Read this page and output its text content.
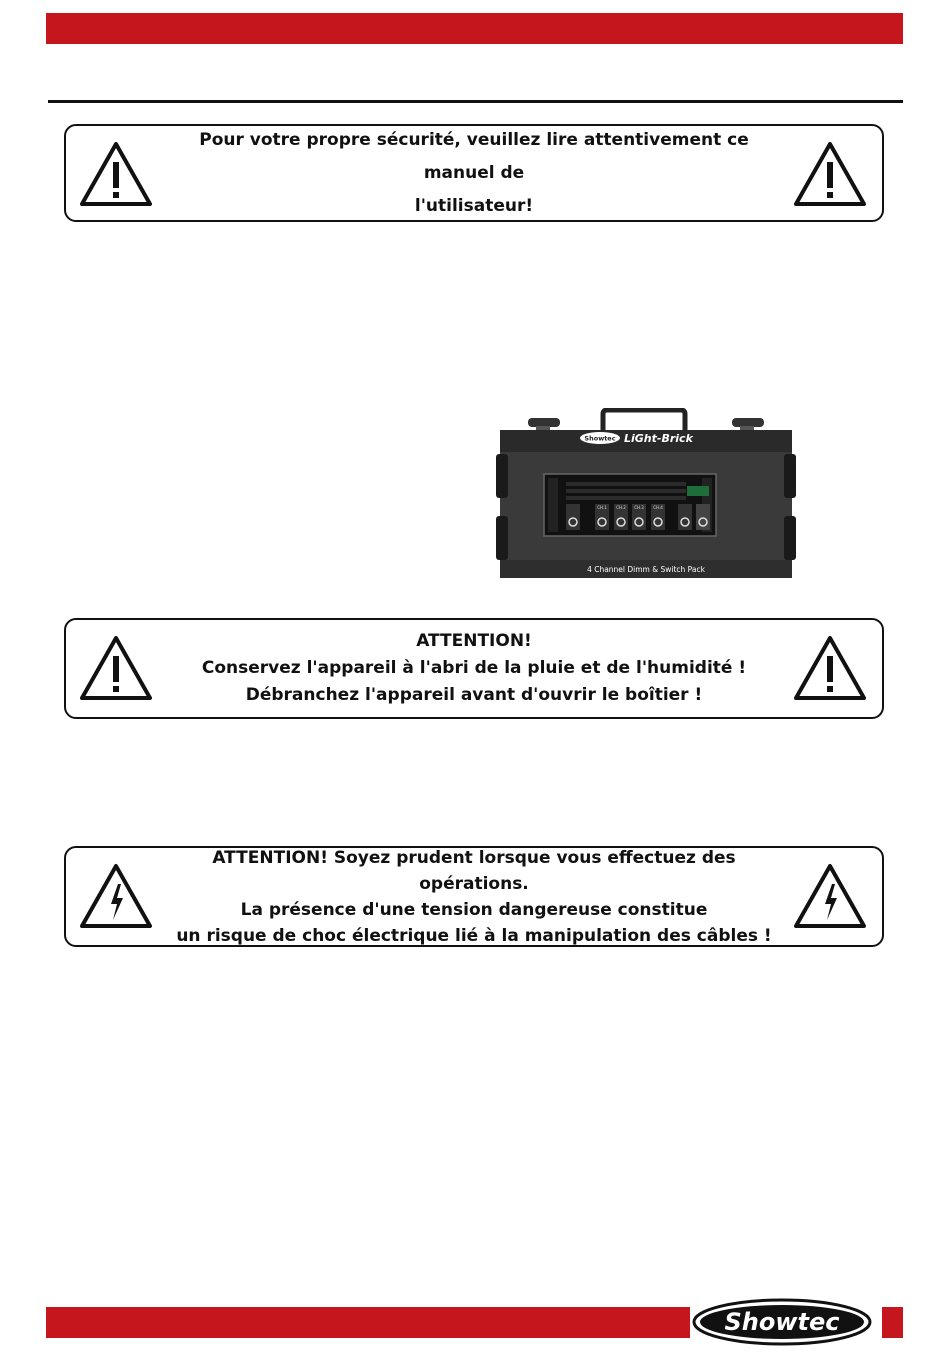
Pour votre propre sécurité, veuillez lire attentivement ce manuel de
l'utilisateur!
Showtec LiGht-Brick
CH.1 CH.2 CH.3 CH.4
4 Channel Dimm & Switch Pack
ATTENTION!
Conservez l'appareil à l'abri de la pluie et de l'humidité !
Débranchez l'appareil avant d'ouvrir le boîtier !
ATTENTION! Soyez prudent lorsque vous effectuez des opérations.
La présence d'une tension dangereuse constitue
un risque de choc électrique lié à la manipulation des câbles !
Showtec
